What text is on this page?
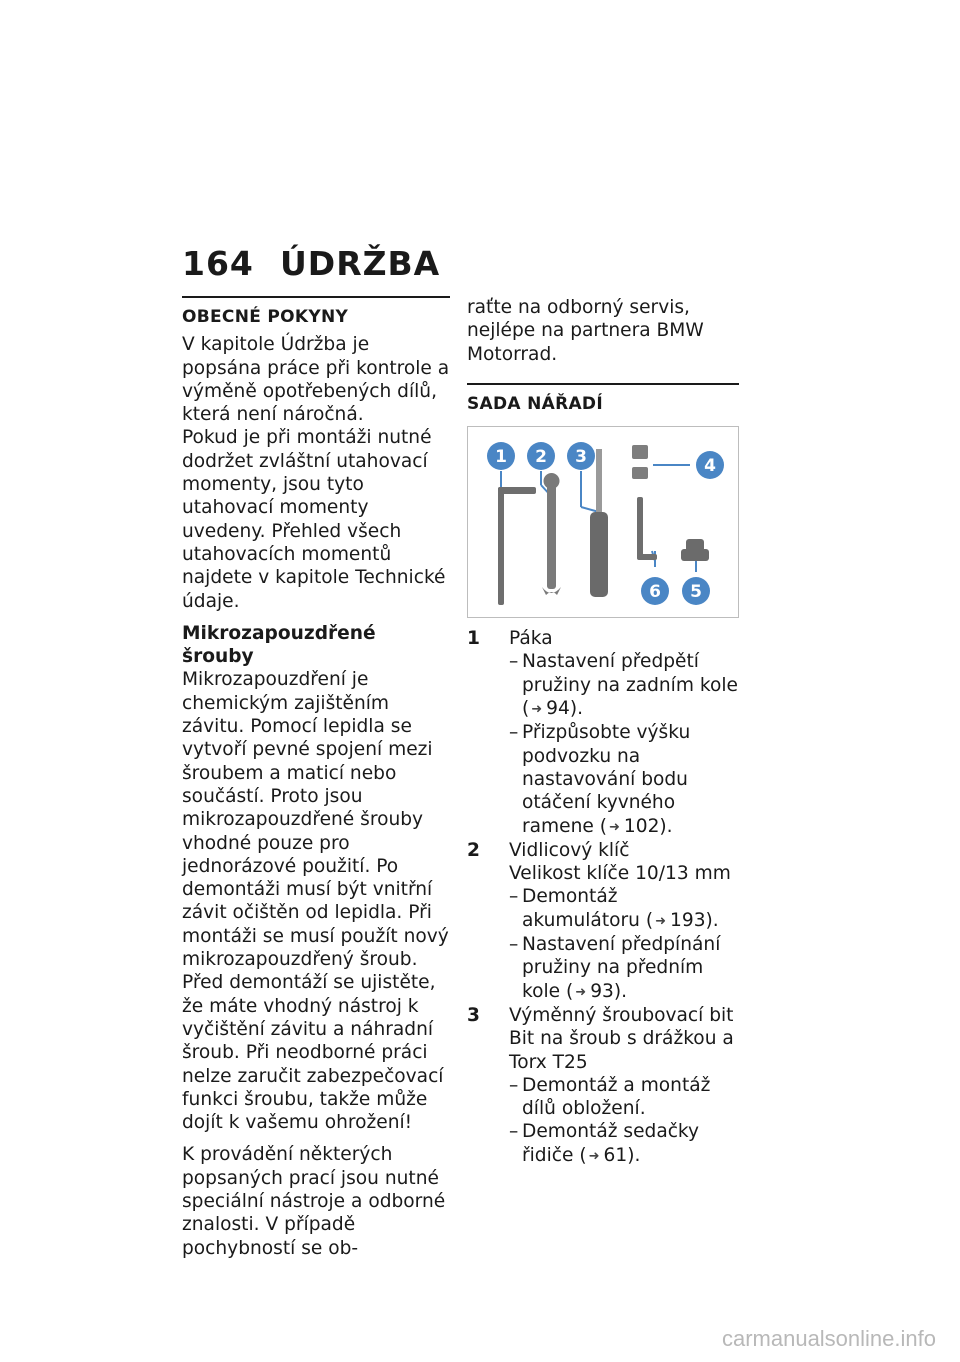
164 ÚDRŽBA
OBECNÉ POKYNY

V kapitole Údržba je popsána práce při kontrole a výměně opotřebených dílů, která není náročná.

Pokud je při montáži nutné dodržet zvláštní utahovací momenty, jsou tyto utahovací momenty uvedeny. Přehled všech utahovacích momentů najdete v kapitole Technické údaje.

Mikrozapouzdřené šrouby

Mikrozapouzdření je chemickým zajištěním závitu. Pomocí lepidla se vytvoří pevné spojení mezi šroubem a maticí nebo součástí. Proto jsou mikrozapouzdřené šrouby vhodné pouze pro jednorázové použití. Po demontáži musí být vnitřní závit očištěn od lepidla. Při montáži se musí použít nový mikrozapouzdřený šroub. Před demontáží se ujistěte, že máte vhodný nástroj k vyčištění závitu a náhradní šroub. Při neodborné práci nelze zaručit zabezpečovací funkci šroubu, takže může dojít k vašemu ohrožení!

K provádění některých popsaných prací jsou nutné speciální nástroje a odborné znalosti. V případě pochybností se ob-

raťte na odborný servis, nejlépe na partnera BMW Motorrad.

SADA NÁŘADÍ
1 2 3	4
5
6
1	Páka
– Nastavení předpětí pružiny na zadním kole ( ➜ 94).
– Přizpůsobte výšku podvozku na nastavování bodu otáčení kyvného ramene ( ➜ 102).
2	Vidlicový klíč
Velikost klíče 10/13 mm
– Demontáž akumulátoru ( ➜ 193).
– Nastavení předpínání pružiny na předním kole ( ➜ 93).
3	Výměnný šroubovací bit
Bit na šroub s drážkou a Torx T25
– Demontáž a montáž dílů obložení.
– Demontáž sedačky řidiče ( ➜ 61).
carmanualsonline.info
